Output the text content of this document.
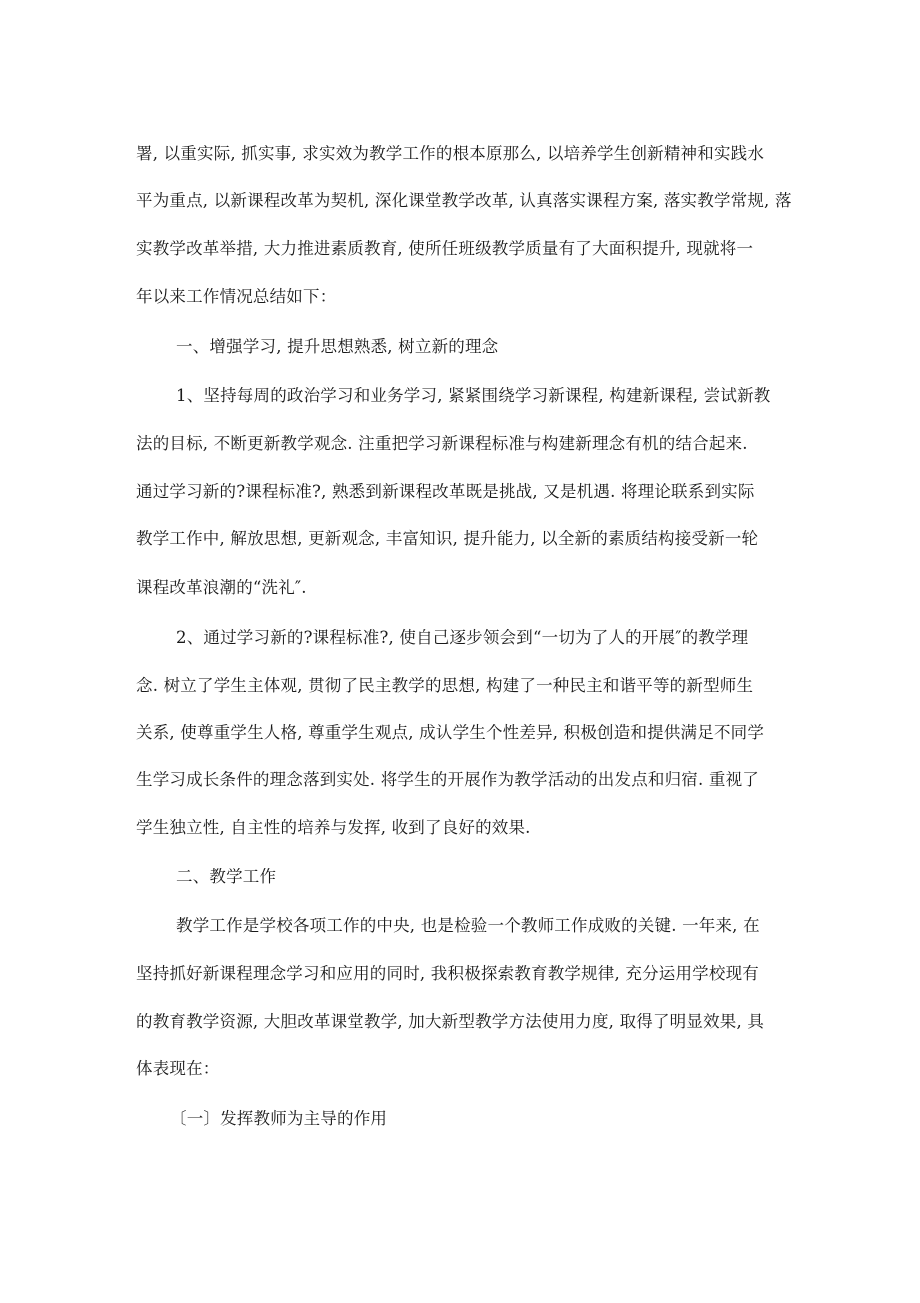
署, 以重实际, 抓实事, 求实效为教学工作的根本原那么, 以培养学生创新精神和实践水
平为重点, 以新课程改革为契机, 深化课堂教学改革, 认真落实课程方案, 落实教学常规, 落
实教学改革举措, 大力推进素质教育, 使所任班级教学质量有了大面积提升, 现就将一
年以来工作情况总结如下：
一、增强学习, 提升思想熟悉, 树立新的理念
1、坚持每周的政治学习和业务学习, 紧紧围绕学习新课程, 构建新课程, 尝试新教
法的目标, 不断更新教学观念. 注重把学习新课程标准与构建新理念有机的结合起来.
通过学习新的?课程标准?, 熟悉到新课程改革既是挑战, 又是机遇. 将理论联系到实际
教学工作中, 解放思想, 更新观念, 丰富知识, 提升能力, 以全新的素质结构接受新一轮
课程改革浪潮的“洗礼″.
2、通过学习新的?课程标准?, 使自己逐步领会到“一切为了人的开展″的教学理
念. 树立了学生主体观, 贯彻了民主教学的思想, 构建了一种民主和谐平等的新型师生
关系, 使尊重学生人格, 尊重学生观点, 成认学生个性差异, 积极创造和提供满足不同学
生学习成长条件的理念落到实处. 将学生的开展作为教学活动的出发点和归宿. 重视了
学生独立性, 自主性的培养与发挥, 收到了良好的效果.
二、教学工作
教学工作是学校各项工作的中央, 也是检验一个教师工作成败的关键. 一年来, 在
坚持抓好新课程理念学习和应用的同时, 我积极探索教育教学规律, 充分运用学校现有
的教育教学资源, 大胆改革课堂教学, 加大新型教学方法使用力度, 取得了明显效果, 具
体表现在：
〔一〕发挥教师为主导的作用
